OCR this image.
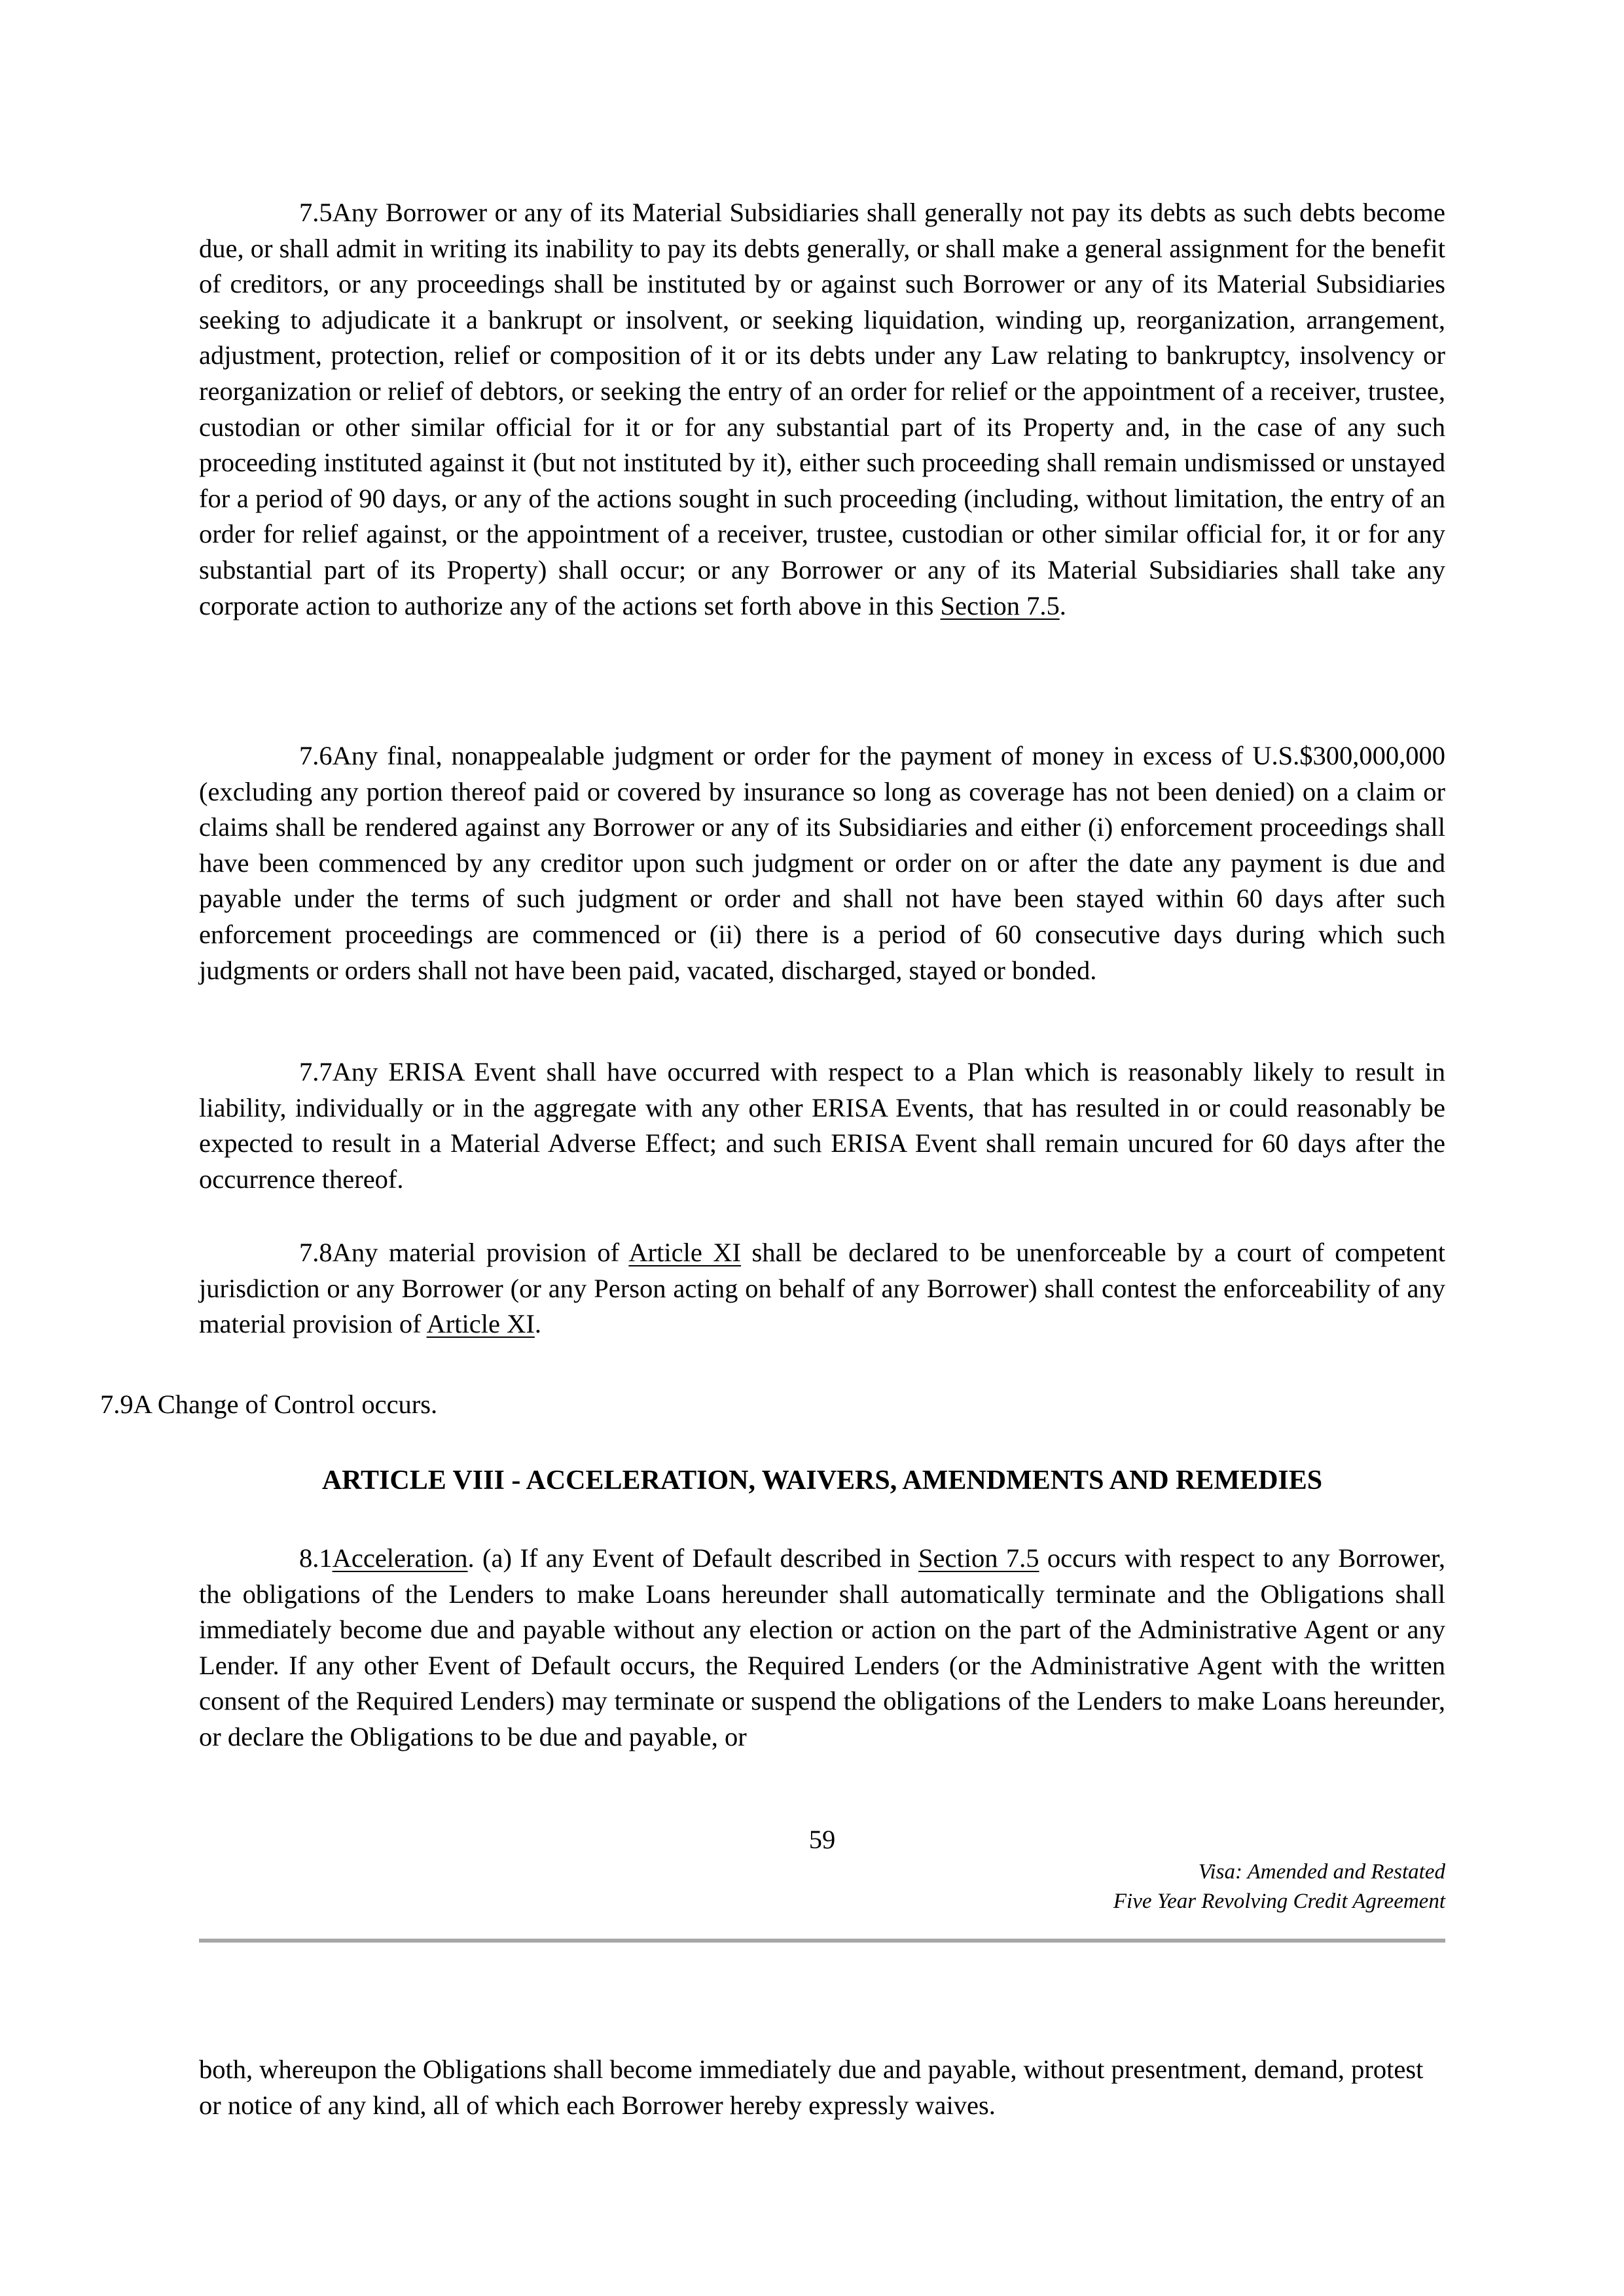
7.5Any Borrower or any of its Material Subsidiaries shall generally not pay its debts as such debts become due, or shall admit in writing its inability to pay its debts generally, or shall make a general assignment for the benefit of creditors, or any proceedings shall be instituted by or against such Borrower or any of its Material Subsidiaries seeking to adjudicate it a bankrupt or insolvent, or seeking liquidation, winding up, reorganization, arrangement, adjustment, protection, relief or composition of it or its debts under any Law relating to bankruptcy, insolvency or reorganization or relief of debtors, or seeking the entry of an order for relief or the appointment of a receiver, trustee, custodian or other similar official for it or for any substantial part of its Property and, in the case of any such proceeding instituted against it (but not instituted by it), either such proceeding shall remain undismissed or unstayed for a period of 90 days, or any of the actions sought in such proceeding (including, without limitation, the entry of an order for relief against, or the appointment of a receiver, trustee, custodian or other similar official for, it or for any substantial part of its Property) shall occur; or any Borrower or any of its Material Subsidiaries shall take any corporate action to authorize any of the actions set forth above in this Section 7.5.

7.6Any final, nonappealable judgment or order for the payment of money in excess of U.S.$300,000,000 (excluding any portion thereof paid or covered by insurance so long as coverage has not been denied) on a claim or claims shall be rendered against any Borrower or any of its Subsidiaries and either (i) enforcement proceedings shall have been commenced by any creditor upon such judgment or order on or after the date any payment is due and payable under the terms of such judgment or order and shall not have been stayed within 60 days after such enforcement proceedings are commenced or (ii) there is a period of 60 consecutive days during which such judgments or orders shall not have been paid, vacated, discharged, stayed or bonded.

7.7Any ERISA Event shall have occurred with respect to a Plan which is reasonably likely to result in liability, individually or in the aggregate with any other ERISA Events, that has resulted in or could reasonably be expected to result in a Material Adverse Effect; and such ERISA Event shall remain uncured for 60 days after the occurrence thereof.

7.8Any material provision of Article XI shall be declared to be unenforceable by a court of competent jurisdiction or any Borrower (or any Person acting on behalf of any Borrower) shall contest the enforceability of any material provision of Article XI.

7.9A Change of Control occurs.

ARTICLE VIII - ACCELERATION, WAIVERS, AMENDMENTS AND REMEDIES

8.1Acceleration. (a) If any Event of Default described in Section 7.5 occurs with respect to any Borrower, the obligations of the Lenders to make Loans hereunder shall automatically terminate and the Obligations shall immediately become due and payable without any election or action on the part of the Administrative Agent or any Lender. If any other Event of Default occurs, the Required Lenders (or the Administrative Agent with the written consent of the Required Lenders) may terminate or suspend the obligations of the Lenders to make Loans hereunder, or declare the Obligations to be due and payable, or

59
Visa: Amended and Restated
Five Year Revolving Credit Agreement

both, whereupon the Obligations shall become immediately due and payable, without presentment, demand, protest or notice of any kind, all of which each Borrower hereby expressly waives.
